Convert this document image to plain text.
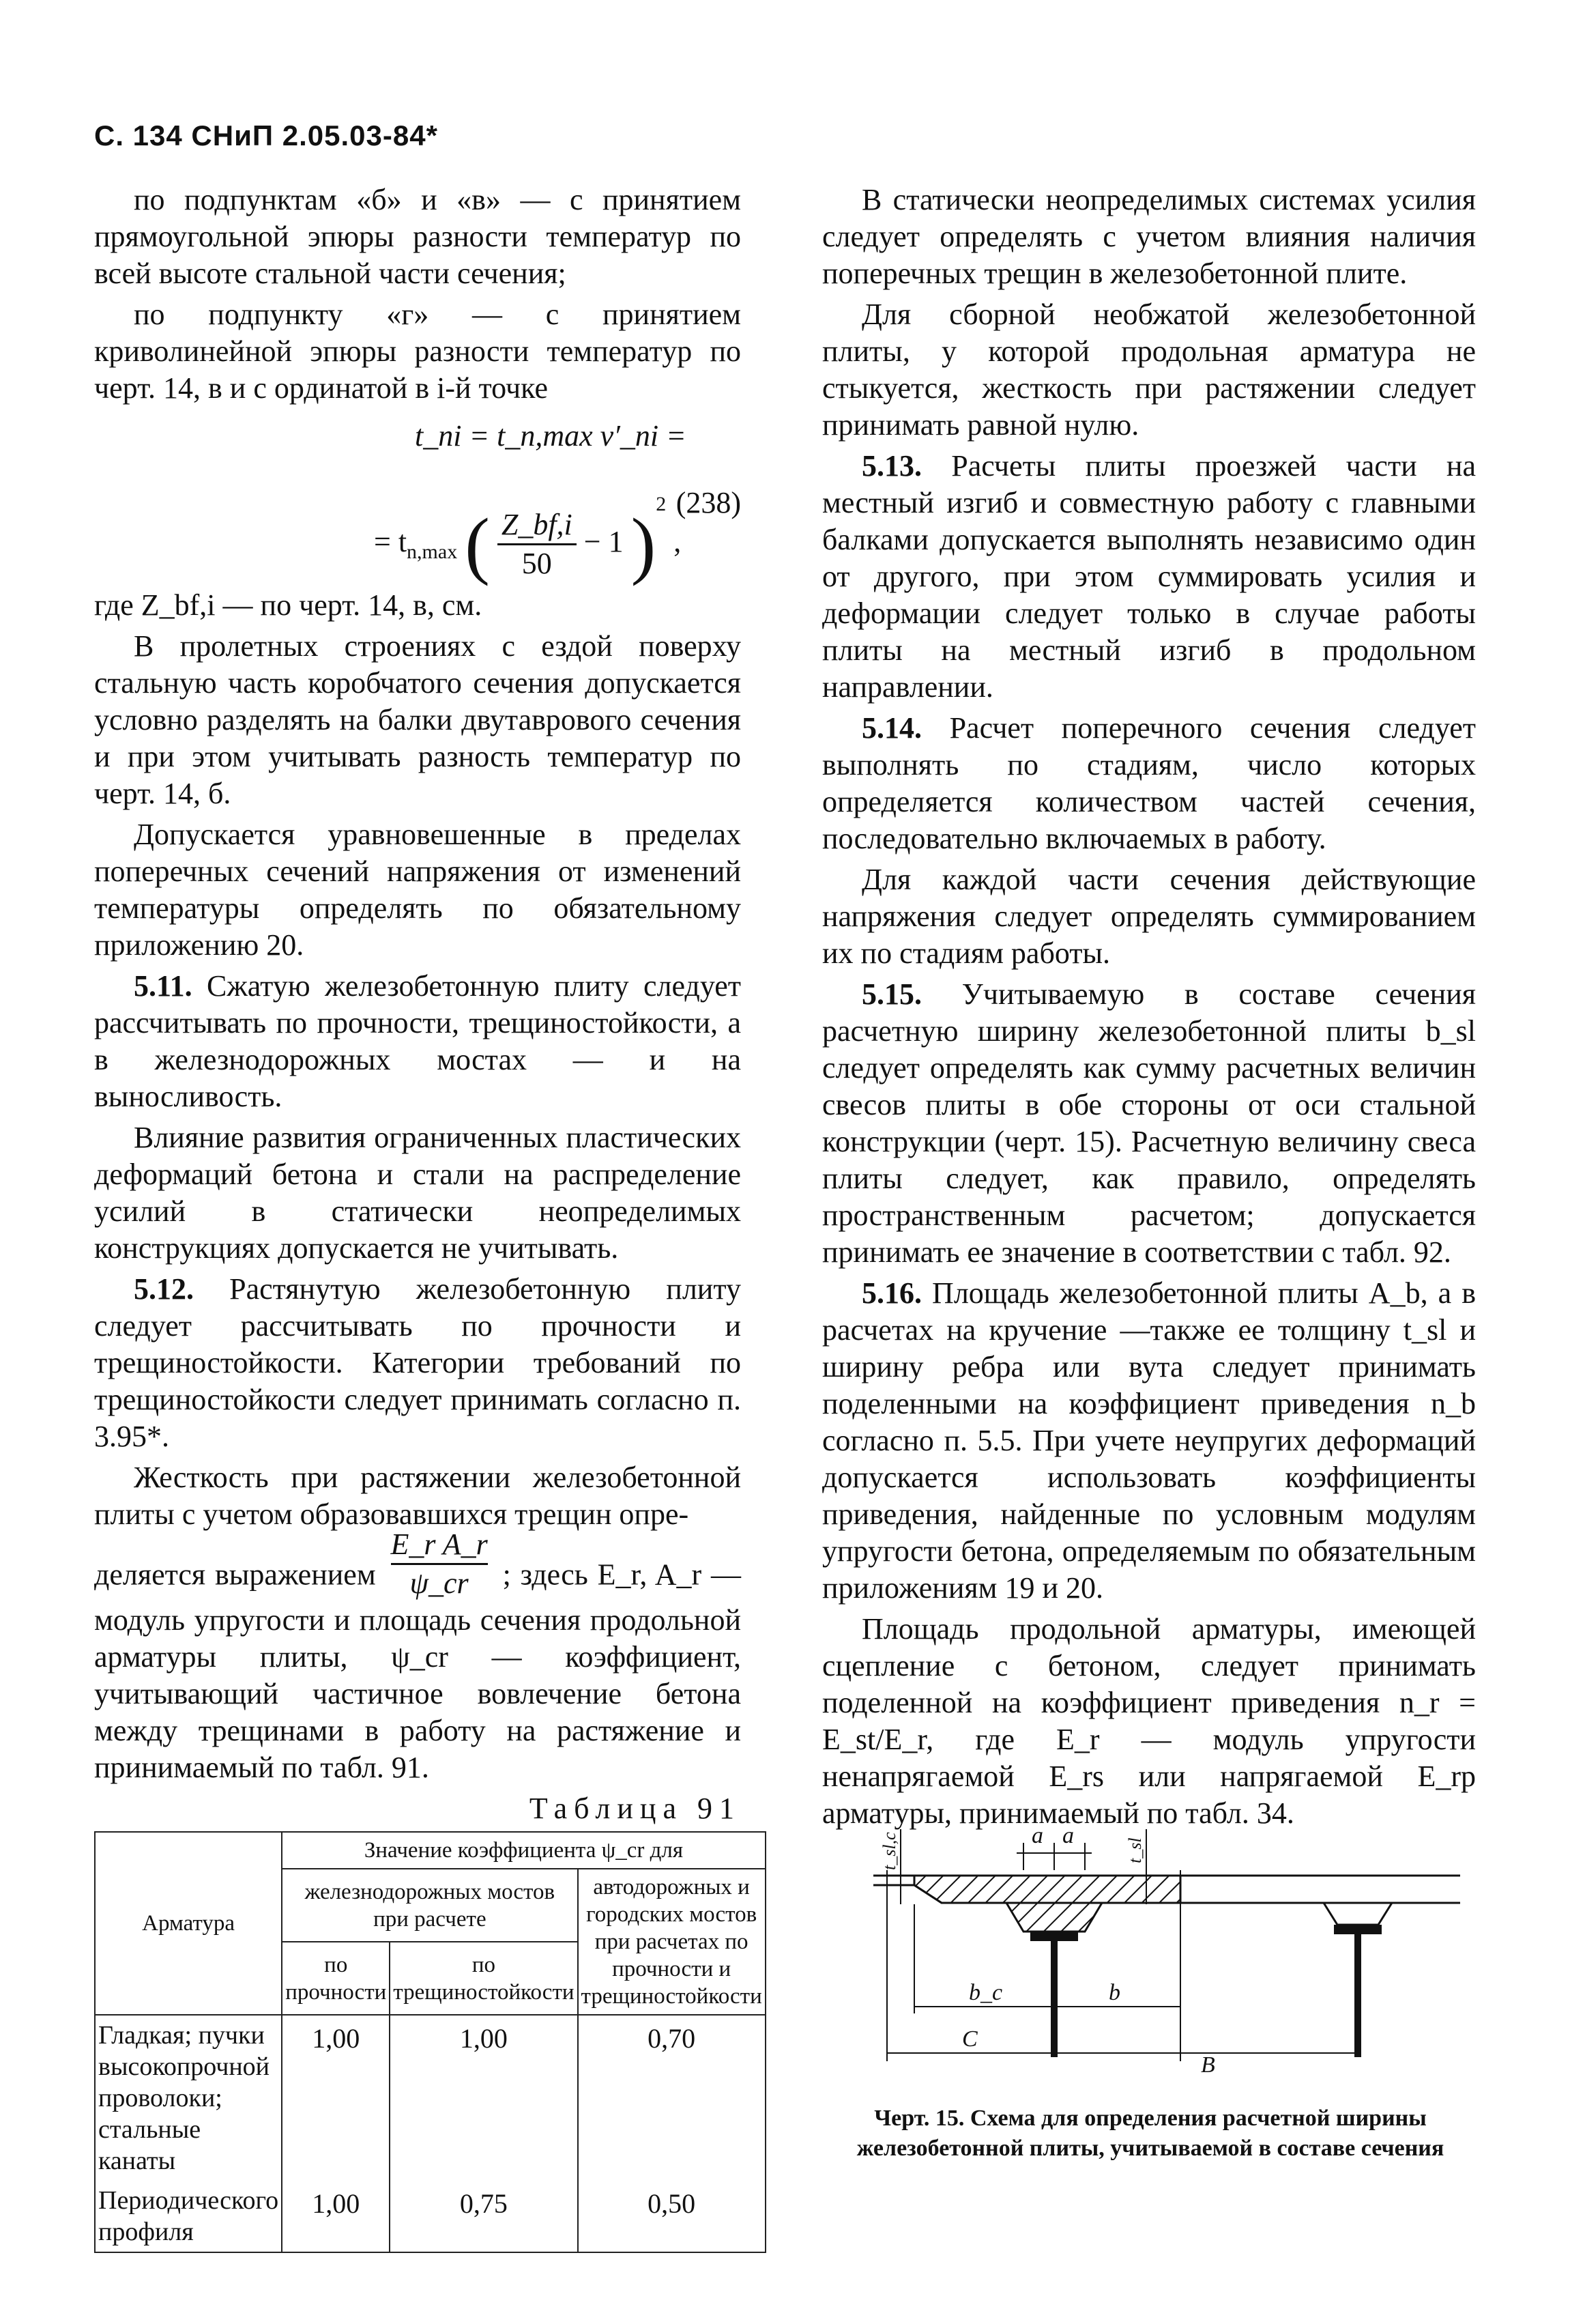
С. 134 СНиП 2.05.03-84*

по подпунктам «б» и «в» — с принятием прямоугольной эпюры разности температур по всей высоте стальной части сечения;

по подпункту «г» — с принятием криволинейной эпюры разности температур по черт. 14, в и с ординатой в i-й точке

t_ni = t_n,max v′_ni =
= $t_{n,max}$ ( $\frac{Z\_bf,i}{50} - 1$ )$^2$ ,
(238)

где Z_bf,i — по черт. 14, в, см.

В пролетных строениях с ездой поверху стальную часть коробчатого сечения допускается условно разделять на балки двутаврового сечения и при этом учитывать разность температур по черт. 14, б.

Допускается уравновешенные в пределах поперечных сечений напряжения от изменений температуры определять по обязательному приложению 20.

5.11. Сжатую железобетонную плиту следует рассчитывать по прочности, трещиностойкости, а в железнодорожных мостах — и на выносливость.

Влияние развития ограниченных пластических деформаций бетона и стали на распределение усилий в статически неопределимых конструкциях допускается не учитывать.

5.12. Растянутую железобетонную плиту следует рассчитывать по прочности и трещиностойкости. Категории требований по трещиностойкости следует принимать согласно п. 3.95*.

Жесткость при растяжении железобетонной плиты с учетом образовавшихся трещин опре-

деляется выражением $\frac{\text{E\_r A\_r}}{\psi\_cr}$ ; здесь E_r, A_r — модуль упругости и площадь сечения продольной арматуры плиты, ψ_cr — коэффициент, учитывающий частичное вовлечение бетона между трещинами в работу на растяжение и принимаемый по табл. 91.

Таблица 91
Арматура	Значение коэффициента ψ_cr для		
	железнодорожных мостов при расчете		автодорожных и городских мостов при расчетах по прочности и трещиностойкости
	по прочности	по трещиностойкости	
Гладкая; пучки высокопрочной проволоки; стальные канаты	1,00	1,00	0,70
Периодического профиля	1,00	0,75	0,50

В статически неопределимых системах усилия следует определять с учетом влияния наличия поперечных трещин в железобетонной плите.

Для сборной необжатой железобетонной плиты, у которой продольная арматура не стыкуется, жесткость при растяжении следует принимать равной нулю.

5.13. Расчеты плиты проезжей части на местный изгиб и совместную работу с главными балками допускается выполнять независимо один от другого, при этом суммировать усилия и деформации следует только в случае работы плиты на местный изгиб в продольном направлении.

5.14. Расчет поперечного сечения следует выполнять по стадиям, число которых определяется количеством частей сечения, последовательно включаемых в работу.

Для каждой части сечения действующие напряжения следует определять суммированием их по стадиям работы.

5.15. Учитываемую в составе сечения расчетную ширину железобетонной плиты b_sl следует определять как сумму расчетных величин свесов плиты в обе стороны от оси стальной конструкции (черт. 15). Расчетную величину свеса плиты следует, как правило, определять пространственным расчетом; допускается принимать ее значение в соответствии с табл. 92.

5.16. Площадь железобетонной плиты A_b, а в расчетах на кручение —также ее толщину t_sl и ширину ребра или вута следует принимать поделенными на коэффициент приведения n_b согласно п. 5.5. При учете неупругих деформаций допускается использовать коэффициенты приведения, найденные по условным модулям упругости бетона, определяемым по обязательным приложениям 19 и 20.

Площадь продольной арматуры, имеющей сцепление с бетоном, следует принимать поделенной на коэффициент приведения n_r = E_st/E_r, где E_r — модуль упругости ненапрягаемой E_rs или напрягаемой E_rp арматуры, принимаемый по табл. 34.

t_sl,c	a a
t_sl
b_c	b
C
B
Черт. 15. Схема для определения расчетной ширины железобетонной плиты, учитываемой в составе сечения
